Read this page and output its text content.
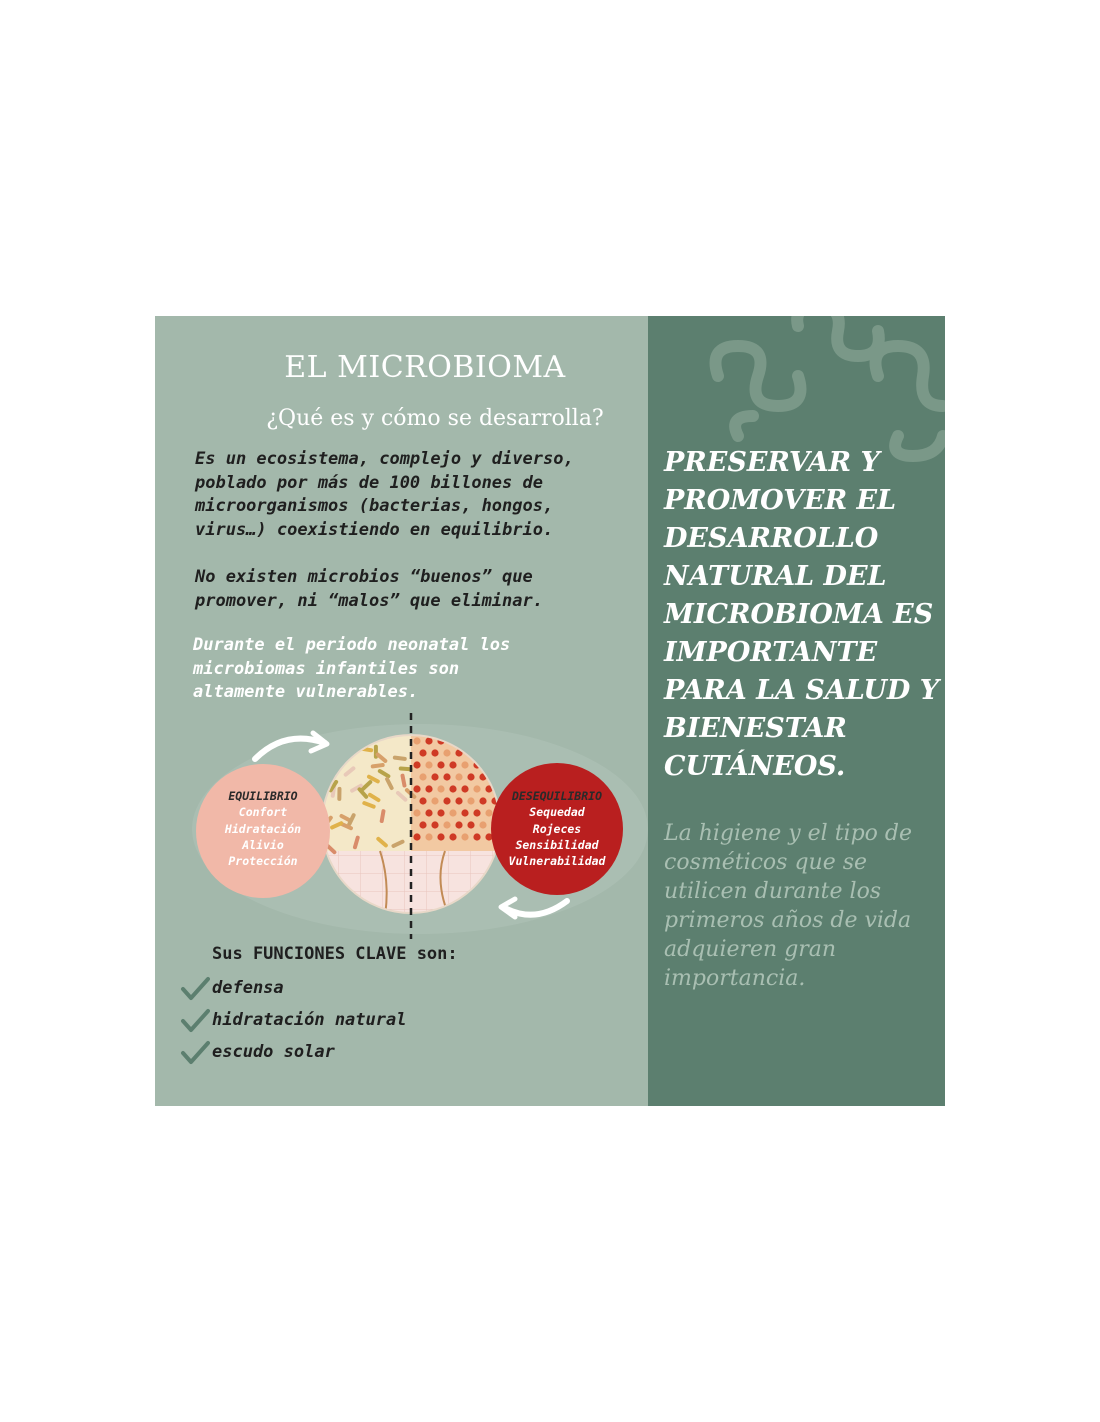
EL MICROBIOMA
¿Qué es y cómo se desarrolla?

Es un ecosistema, complejo y diverso,
poblado por más de 100 billones de
microorganismos (bacterias, hongos,
virus…) coexistiendo en equilibrio.

No existen microbios “buenos” que
promover, ni “malos” que eliminar.

Durante el periodo neonatal los
microbiomas infantiles son
altamente vulnerables.

EQUILIBRIO
Confort
Hidratación
Alivio
Protección
DESEQUILIBRIO
Sequedad
Rojeces
Sensibilidad
Vulnerabilidad
Sus FUNCIONES CLAVE son:
defensa
hidratación natural
escudo solar

PRESERVAR Y PROMOVER EL DESARROLLO NATURAL DEL MICROBIOMA ES IMPORTANTE PARA LA SALUD Y BIENESTAR CUTÁNEOS.

La higiene y el tipo de cosméticos que se utilicen durante los primeros años de vida adquieren gran importancia.
